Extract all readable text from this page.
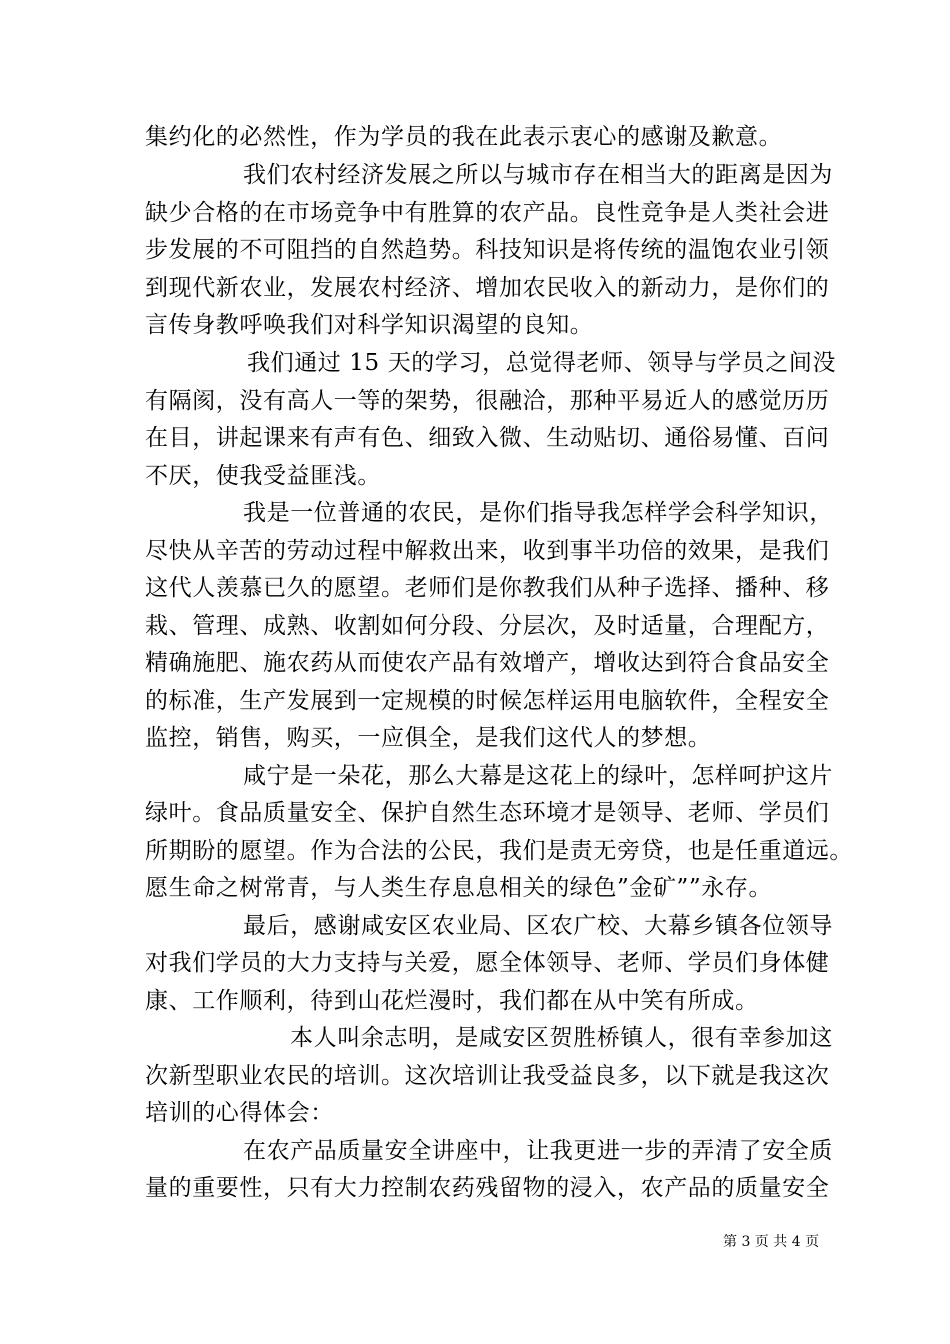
集约化的必然性，作为学员的我在此表示衷心的感谢及歉意。
我们农村经济发展之所以与城市存在相当大的距离是因为
缺少合格的在市场竞争中有胜算的农产品。良性竞争是人类社会进
步发展的不可阻挡的自然趋势。科技知识是将传统的温饱农业引领
到现代新农业，发展农村经济、增加农民收入的新动力，是你们的
言传身教呼唤我们对科学知识渴望的良知。
我们通过 15 天的学习，总觉得老师、领导与学员之间没
有隔阂，没有高人一等的架势，很融洽，那种平易近人的感觉历历
在目，讲起课来有声有色、细致入微、生动贴切、通俗易懂、百问
不厌，使我受益匪浅。
我是一位普通的农民，是你们指导我怎样学会科学知识，
尽快从辛苦的劳动过程中解救出来，收到事半功倍的效果，是我们
这代人羡慕已久的愿望。老师们是你教我们从种子选择、播种、移
栽、管理、成熟、收割如何分段、分层次，及时适量，合理配方，
精确施肥、施农药从而使农产品有效增产，增收达到符合食品安全
的标准，生产发展到一定规模的时候怎样运用电脑软件，全程安全
监控，销售，购买，一应俱全，是我们这代人的梦想。
咸宁是一朵花，那么大幕是这花上的绿叶，怎样呵护这片
绿叶。食品质量安全、保护自然生态环境才是领导、老师、学员们
所期盼的愿望。作为合法的公民，我们是责无旁贷，也是任重道远。
愿生命之树常青，与人类生存息息相关的绿色”金矿””永存。
最后，感谢咸安区农业局、区农广校、大幕乡镇各位领导
对我们学员的大力支持与关爱，愿全体领导、老师、学员们身体健
康、工作顺利，待到山花烂漫时，我们都在从中笑有所成。
本人叫余志明，是咸安区贺胜桥镇人，很有幸参加这
次新型职业农民的培训。这次培训让我受益良多，以下就是我这次
培训的心得体会：
在农产品质量安全讲座中，让我更进一步的弄清了安全质
量的重要性，只有大力控制农药残留物的浸入，农产品的质量安全
第 3 页 共 4 页
